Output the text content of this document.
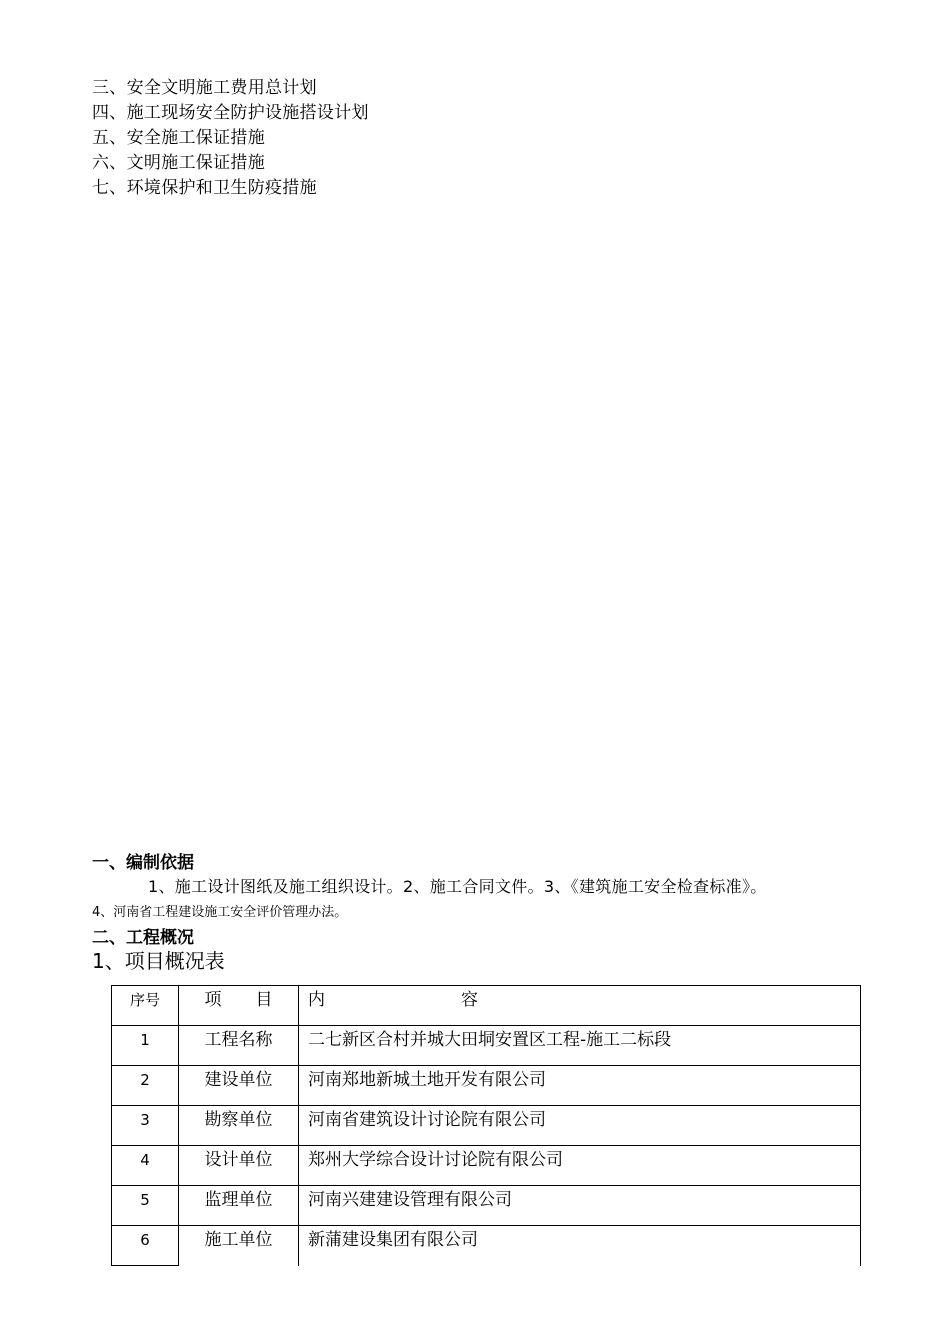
三、安全文明施工费用总计划
四、施工现场安全防护设施搭设计划
五、安全施工保证措施
六、文明施工保证措施
七、环境保护和卫生防疫措施
一、编制依据
1、施工设计图纸及施工组织设计。2、施工合同文件。3、《建筑施工安全检查标准》。
4、河南省工程建设施工安全评价管理办法。
二、工程概况
1、项目概况表
序号	项　　目	内　　　　　　　　容

1	工程名称	二七新区合村并城大田垌安置区工程-施工二标段

2	建设单位	河南郑地新城土地开发有限公司

3	勘察单位	河南省建筑设计讨论院有限公司

4	设计单位	郑州大学综合设计讨论院有限公司

5	监理单位	河南兴建建设管理有限公司

6	施工单位	新蒲建设集团有限公司
